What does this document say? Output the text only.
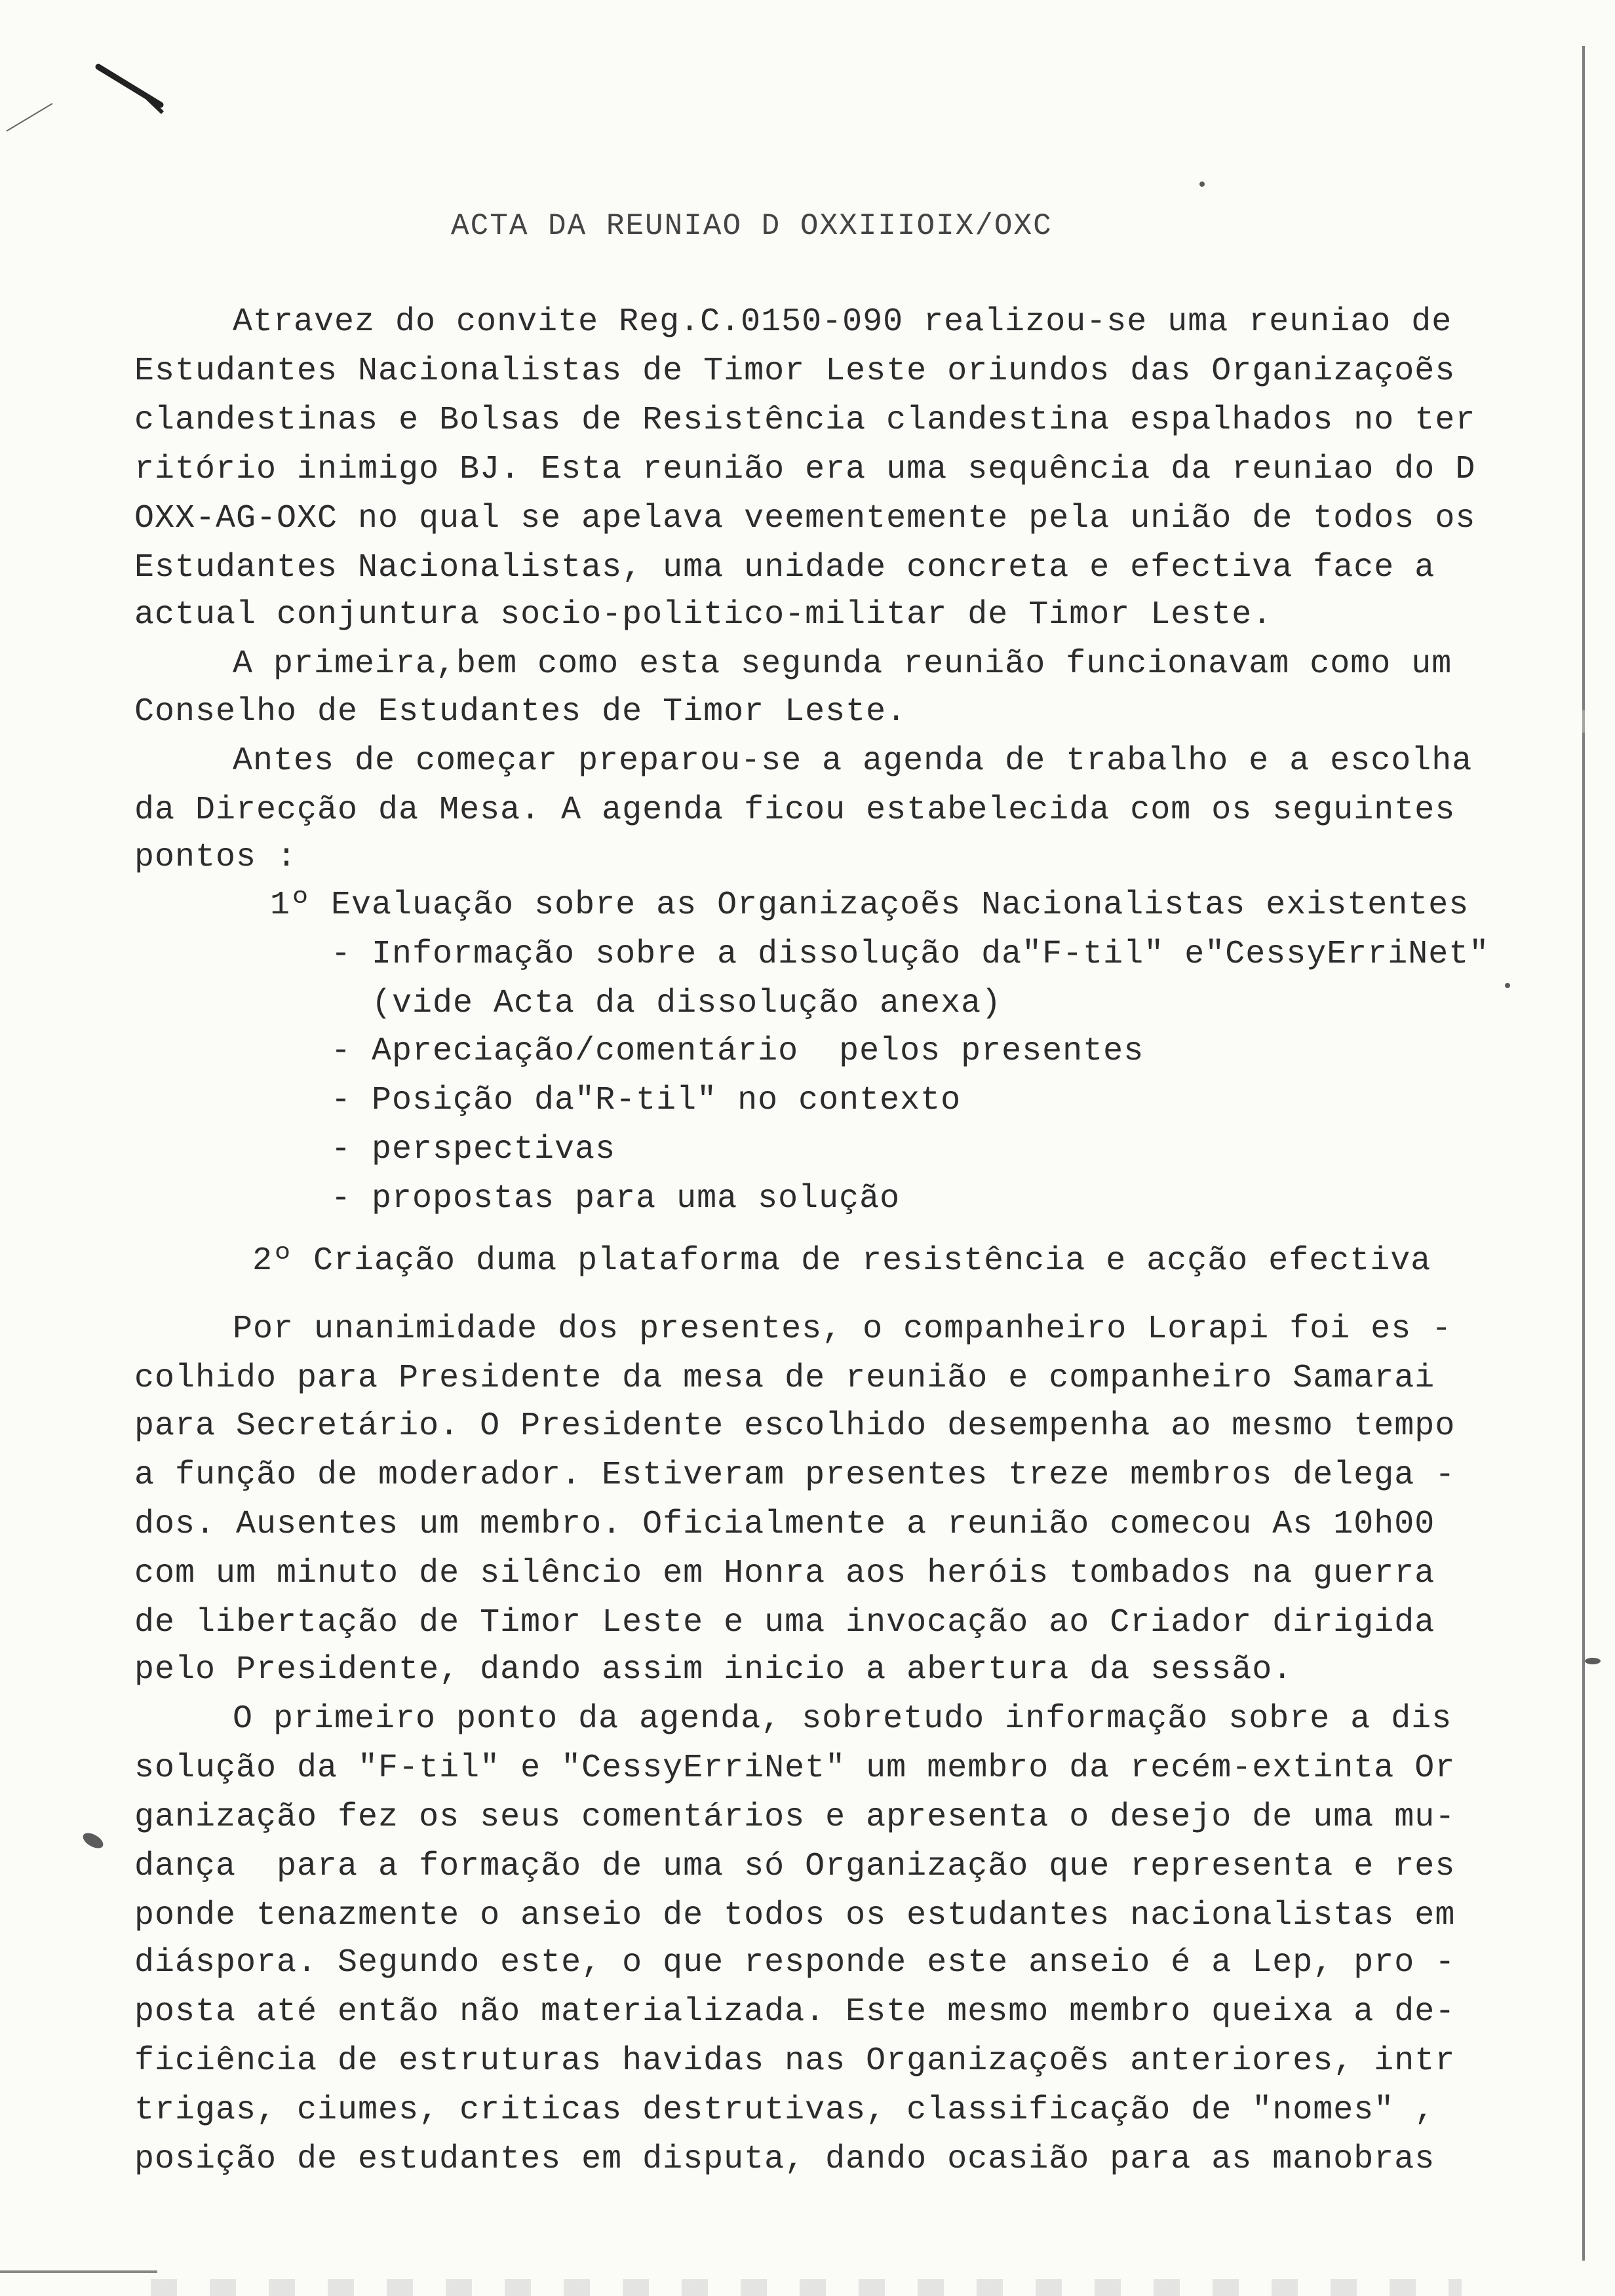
ACTA DA REUNIAO D OXXIIIOIX/OXC
Atravez do convite Reg.C.0150-090 realizou-se uma reuniao de
Estudantes Nacionalistas de Timor Leste oriundos das Organizaçoẽs
clandestinas e Bolsas de Resistência clandestina espalhados no ter
ritório inimigo BJ. Esta reunião era uma sequência da reuniao do D
OXX-AG-OXC no qual se apelava veementemente pela união de todos os
Estudantes Nacionalistas, uma unidade concreta e efectiva face a
actual conjuntura socio-politico-militar de Timor Leste.
A primeira,bem como esta segunda reunião funcionavam como um
Conselho de Estudantes de Timor Leste.
Antes de começar preparou-se a agenda de trabalho e a escolha
da Direcção da Mesa. A agenda ficou estabelecida com os seguintes
pontos :
1º Evaluação sobre as Organizaçoẽs Nacionalistas existentes
- Informação sobre a dissolução da"F-til" e"CessyErriNet"
(vide Acta da dissolução anexa)
- Apreciação/comentário  pelos presentes
- Posição da"R-til" no contexto
- perspectivas
- propostas para uma solução
2º Criação duma plataforma de resistência e acção efectiva
Por unanimidade dos presentes, o companheiro Lorapi foi es -
colhido para Presidente da mesa de reunião e companheiro Samarai
para Secretário. O Presidente escolhido desempenha ao mesmo tempo
a função de moderador. Estiveram presentes treze membros delega -
dos. Ausentes um membro. Oficialmente a reunião comecou As 10h00
com um minuto de silêncio em Honra aos heróis tombados na guerra
de libertação de Timor Leste e uma invocação ao Criador dirigida
pelo Presidente, dando assim inicio a abertura da sessão.
O primeiro ponto da agenda, sobretudo informação sobre a dis
solução da "F-til" e "CessyErriNet" um membro da recém-extinta Or
ganização fez os seus comentários e apresenta o desejo de uma mu-
dança  para a formação de uma só Organização que representa e res
ponde tenazmente o anseio de todos os estudantes nacionalistas em
diáspora. Segundo este, o que responde este anseio é a Lep, pro -
posta até então não materializada. Este mesmo membro queixa a de-
ficiência de estruturas havidas nas Organizaçoẽs anteriores, intr
trigas, ciumes, criticas destrutivas, classificação de "nomes" ,
posição de estudantes em disputa, dando ocasião para as manobras
